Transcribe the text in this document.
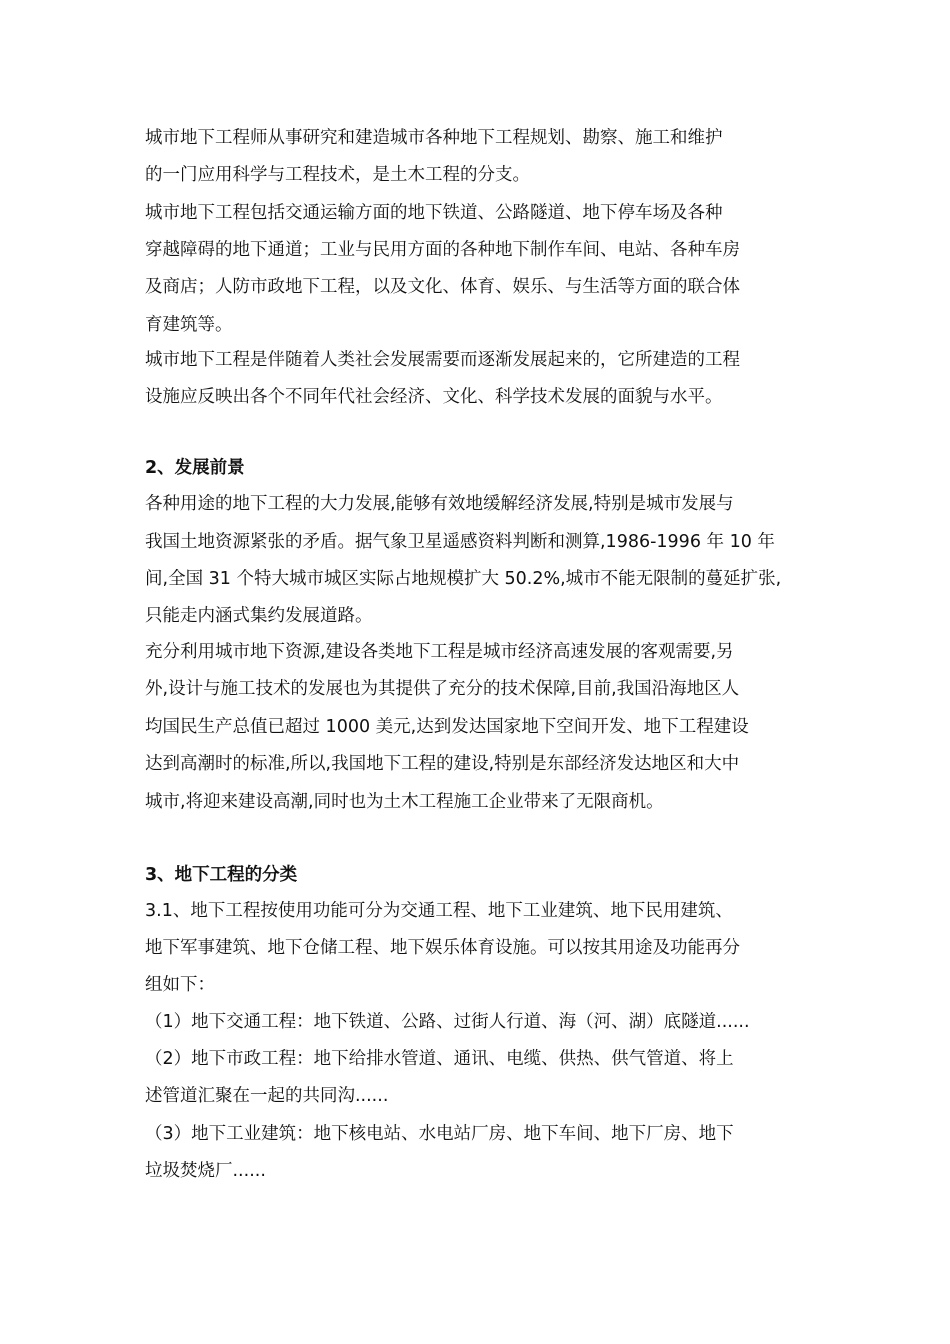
城市地下工程师从事研究和建造城市各种地下工程规划、勘察、施工和维护
的一门应用科学与工程技术，是土木工程的分支。
城市地下工程包括交通运输方面的地下铁道、公路隧道、地下停车场及各种
穿越障碍的地下通道；工业与民用方面的各种地下制作车间、电站、各种车房
及商店；人防市政地下工程，以及文化、体育、娱乐、与生活等方面的联合体
育建筑等。
城市地下工程是伴随着人类社会发展需要而逐渐发展起来的，它所建造的工程
设施应反映出各个不同年代社会经济、文化、科学技术发展的面貌与水平。
2、发展前景
各种用途的地下工程的大力发展,能够有效地缓解经济发展,特别是城市发展与
我国土地资源紧张的矛盾。据气象卫星遥感资料判断和测算,1986-1996 年 10 年
间,全国 31 个特大城市城区实际占地规模扩大 50.2%,城市不能无限制的蔓延扩张,
只能走内涵式集约发展道路。
充分利用城市地下资源,建设各类地下工程是城市经济高速发展的客观需要,另
外,设计与施工技术的发展也为其提供了充分的技术保障,目前,我国沿海地区人
均国民生产总值已超过 1000 美元,达到发达国家地下空间开发、地下工程建设
达到高潮时的标准,所以,我国地下工程的建设,特别是东部经济发达地区和大中
城市,将迎来建设高潮,同时也为土木工程施工企业带来了无限商机。
3、地下工程的分类
3.1、地下工程按使用功能可分为交通工程、地下工业建筑、地下民用建筑、
地下军事建筑、地下仓储工程、地下娱乐体育设施。可以按其用途及功能再分
组如下：
（1）地下交通工程：地下铁道、公路、过街人行道、海（河、湖）底隧道......
（2）地下市政工程：地下给排水管道、通讯、电缆、供热、供气管道、将上
述管道汇聚在一起的共同沟......
（3）地下工业建筑：地下核电站、水电站厂房、地下车间、地下厂房、地下
垃圾焚烧厂......
